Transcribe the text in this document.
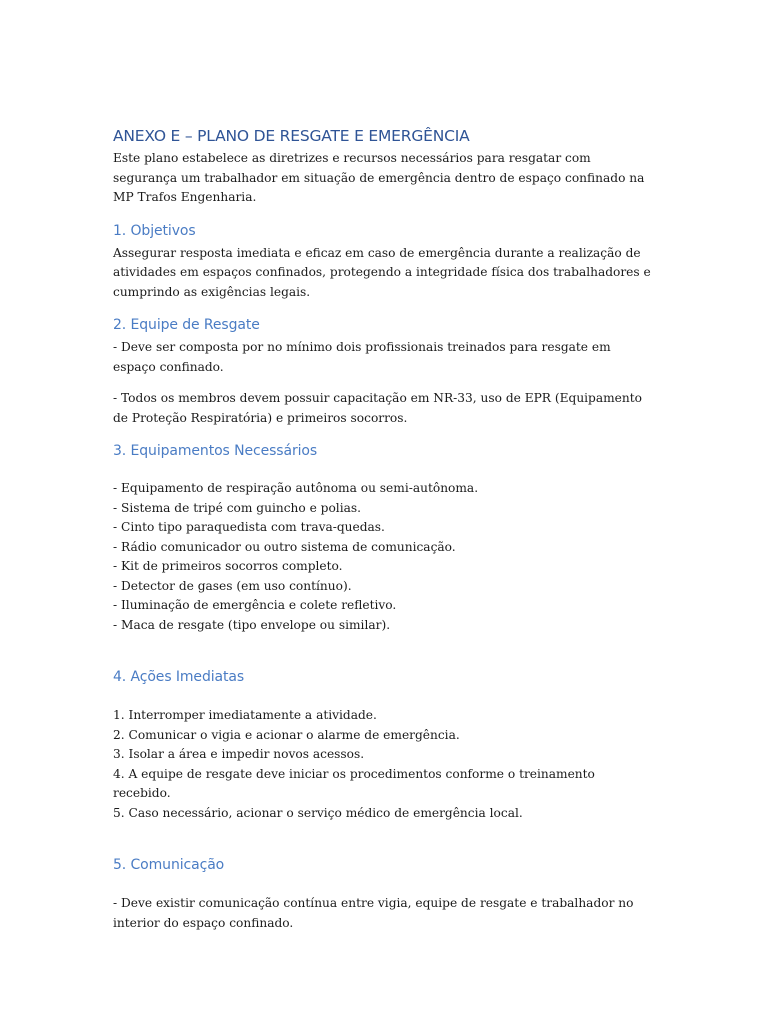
ANEXO E – PLANO DE RESGATE E EMERGÊNCIA

Este plano estabelece as diretrizes e recursos necessários para resgatar com segurança um trabalhador em situação de emergência dentro de espaço confinado na MP Trafos Engenharia.

1. Objetivos

Assegurar resposta imediata e eficaz em caso de emergência durante a realização de atividades em espaços confinados, protegendo a integridade física dos trabalhadores e cumprindo as exigências legais.

2. Equipe de Resgate

- Deve ser composta por no mínimo dois profissionais treinados para resgate em espaço confinado.

- Todos os membros devem possuir capacitação em NR-33, uso de EPR (Equipamento de Proteção Respiratória) e primeiros socorros.

3. Equipamentos Necessários
- Equipamento de respiração autônoma ou semi-autônoma.
- Sistema de tripé com guincho e polias.
- Cinto tipo paraquedista com trava-quedas.
- Rádio comunicador ou outro sistema de comunicação.
- Kit de primeiros socorros completo.
- Detector de gases (em uso contínuo).
- Iluminação de emergência e colete refletivo.
- Maca de resgate (tipo envelope ou similar).
4. Ações Imediatas
1. Interromper imediatamente a atividade.
2. Comunicar o vigia e acionar o alarme de emergência.
3. Isolar a área e impedir novos acessos.
4. A equipe de resgate deve iniciar os procedimentos conforme o treinamento recebido.
5. Caso necessário, acionar o serviço médico de emergência local.
5. Comunicação

- Deve existir comunicação contínua entre vigia, equipe de resgate e trabalhador no interior do espaço confinado.
